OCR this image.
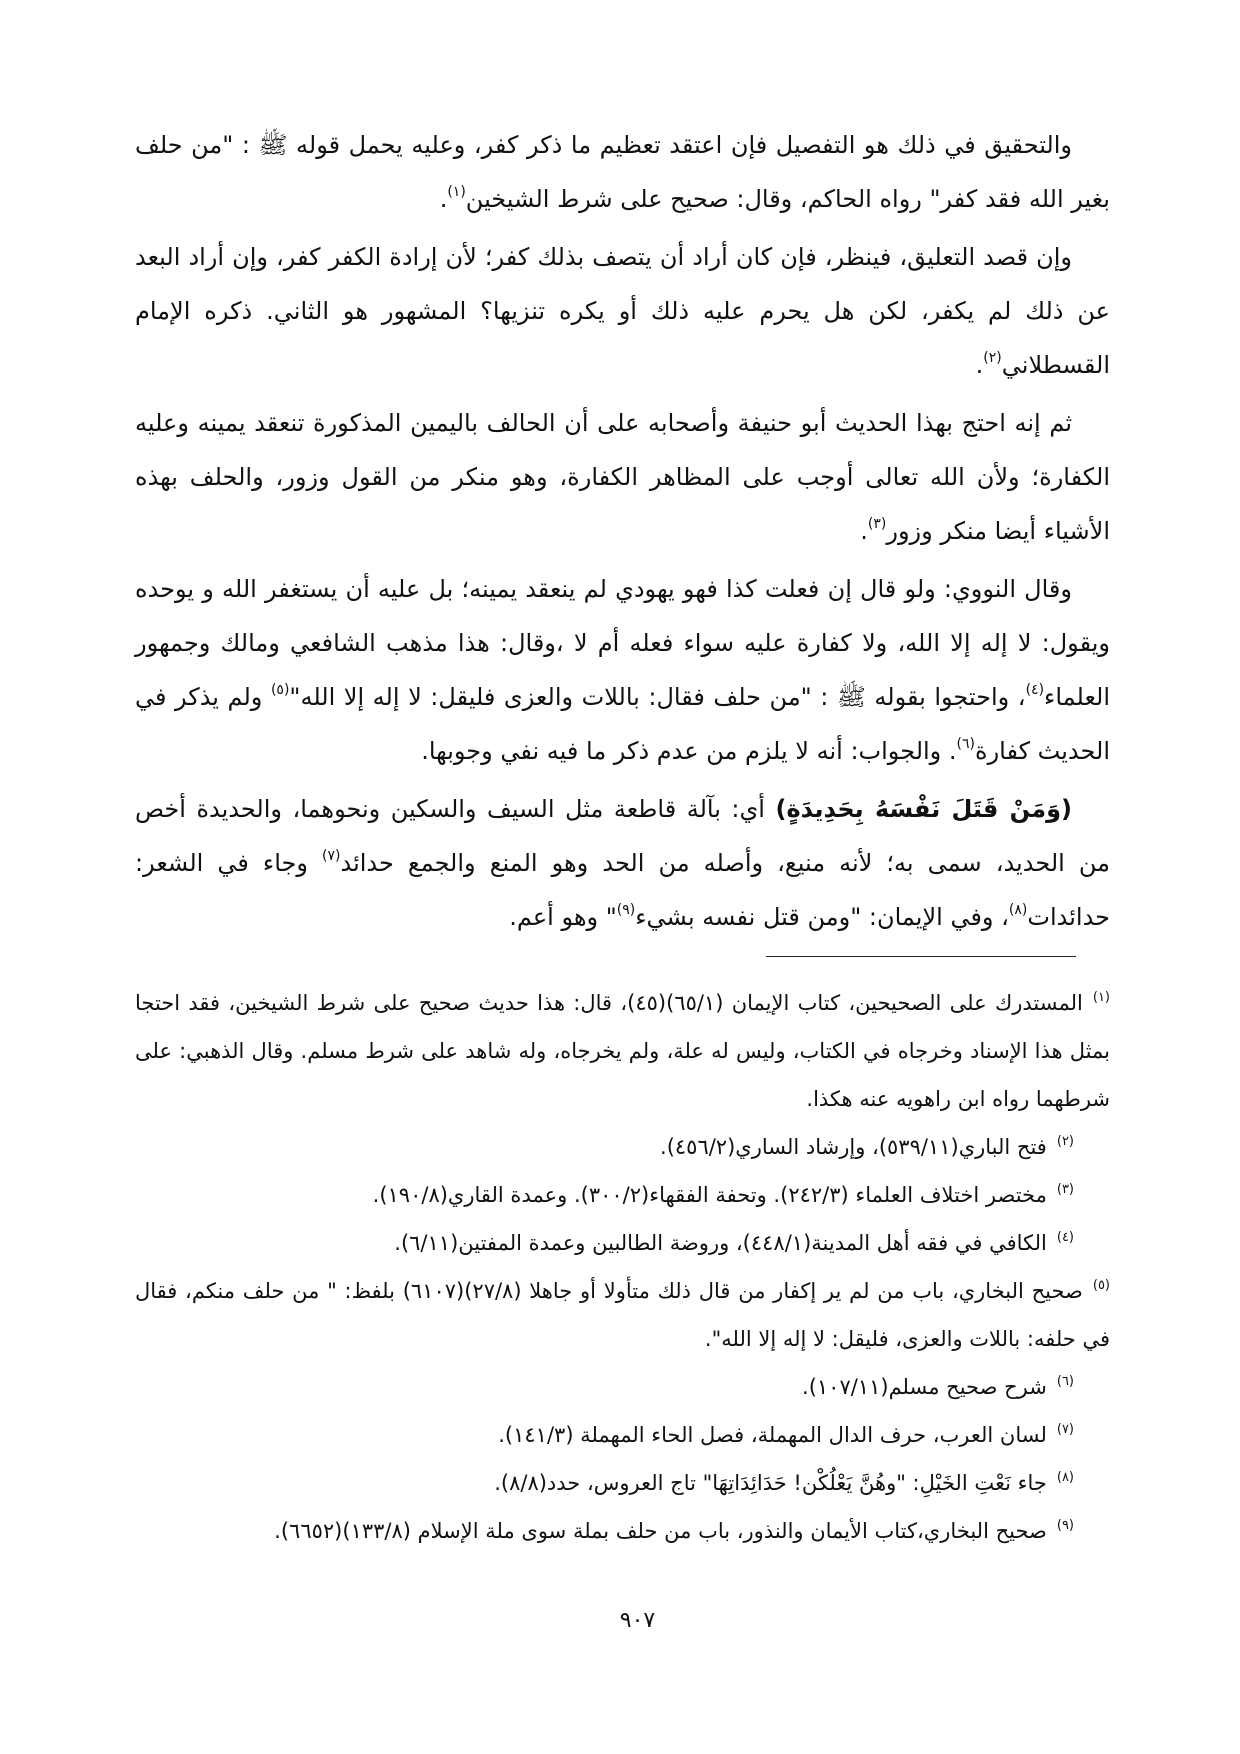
والتحقيق في ذلك هو التفصيل فإن اعتقد تعظيم ما ذكر كفر، وعليه يحمل قوله ﷺ : "من حلف بغير الله فقد كفر" رواه الحاكم، وقال: صحيح على شرط الشيخين$^{(١)}$.

وإن قصد التعليق، فينظر، فإن كان أراد أن يتصف بذلك كفر؛ لأن إرادة الكفر كفر، وإن أراد البعد عن ذلك لم يكفر، لكن هل يحرم عليه ذلك أو يكره تنزيها؟ المشهور هو الثاني. ذكره الإمام القسطلاني$^{(٢)}$.

ثم إنه احتج بهذا الحديث أبو حنيفة وأصحابه على أن الحالف باليمين المذكورة تنعقد يمينه وعليه الكفارة؛ ولأن الله تعالى أوجب على المظاهر الكفارة، وهو منكر من القول وزور، والحلف بهذه الأشياء أيضا منكر وزور$^{(٣)}$.

وقال النووي: ولو قال إن فعلت كذا فهو يهودي لم ينعقد يمينه؛ بل عليه أن يستغفر الله و يوحده ويقول: لا إله إلا الله، ولا كفارة عليه سواء فعله أم لا ،وقال: هذا مذهب الشافعي ومالك وجمهور العلماء$^{(٤)}$، واحتجوا بقوله ﷺ : "من حلف فقال: باللات والعزى فليقل: لا إله إلا الله"$^{(٥)}$ ولم يذكر في الحديث كفارة$^{(٦)}$. والجواب: أنه لا يلزم من عدم ذكر ما فيه نفي وجوبها.

(وَمَنْ قَتَلَ نَفْسَهُ بِحَدِيدَةٍ) أي: بآلة قاطعة مثل السيف والسكين ونحوهما، والحديدة أخص من الحديد، سمى به؛ لأنه منيع، وأصله من الحد وهو المنع والجمع حدائد$^{(٧)}$ وجاء في الشعر: حدائدات$^{(٨)}$، وفي الإيمان: "ومن قتل نفسه بشيء$^{(٩)}$" وهو أعم.

$^{(١)}$المستدرك على الصحيحين، كتاب الإيمان (٦٥/١)(٤٥)، قال: هذا حديث صحيح على شرط الشيخين، فقد احتجا بمثل هذا الإسناد وخرجاه في الكتاب، وليس له علة، ولم يخرجاه، وله شاهد على شرط مسلم. وقال الذهبي: على شرطهما رواه ابن راهويه عنه هكذا.
$^{(٢)}$فتح الباري(٥٣٩/١١)، وإرشاد الساري(٤٥٦/٢).
$^{(٣)}$مختصر اختلاف العلماء (٢٤٢/٣). وتحفة الفقهاء(٣٠٠/٢). وعمدة القاري(١٩٠/٨).
$^{(٤)}$الكافي في فقه أهل المدينة(٤٤٨/١)، وروضة الطالبين وعمدة المفتين(٦/١١).
$^{(٥)}$صحيح البخاري، باب من لم ير إكفار من قال ذلك متأولا أو جاهلا (٢٧/٨)(٦١٠٧) بلفظ: " من حلف منكم، فقال في حلفه: باللات والعزى، فليقل: لا إله إلا الله".
$^{(٦)}$شرح صحيح مسلم(١٠٧/١١).
$^{(٧)}$لسان العرب، حرف الدال المهملة، فصل الحاء المهملة (١٤١/٣).
$^{(٨)}$جاء نَعْتِ الخَيْلِ: "وهُنَّ يَعْلُكْن! حَدَائِدَاتِهَا" تاج العروس، حدد(٨/٨).
$^{(٩)}$صحيح البخاري،كتاب الأيمان والنذور، باب من حلف بملة سوى ملة الإسلام (١٣٣/٨)(٦٦٥٢).
٩٠٧
